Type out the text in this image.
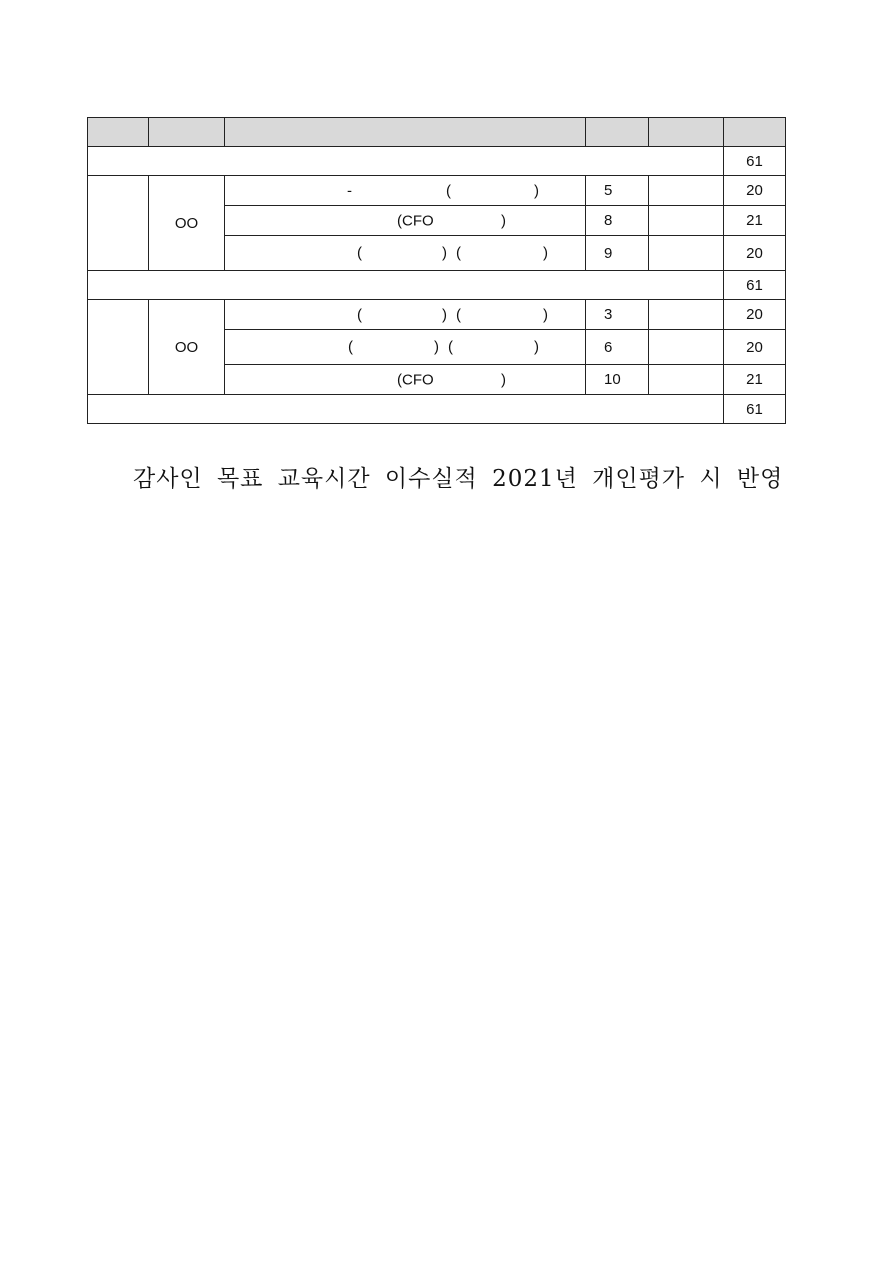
					61
	OO	- ( )	5		20

		(CFO )	8		21

		( ) ( )	9		20
					61
	OO	( ) ( )	3		20

		( ) ( )	6		20

		(CFO )	10		21
					61
감사인 목표 교육시간 이수실적 2021년 개인평가 시 반영
